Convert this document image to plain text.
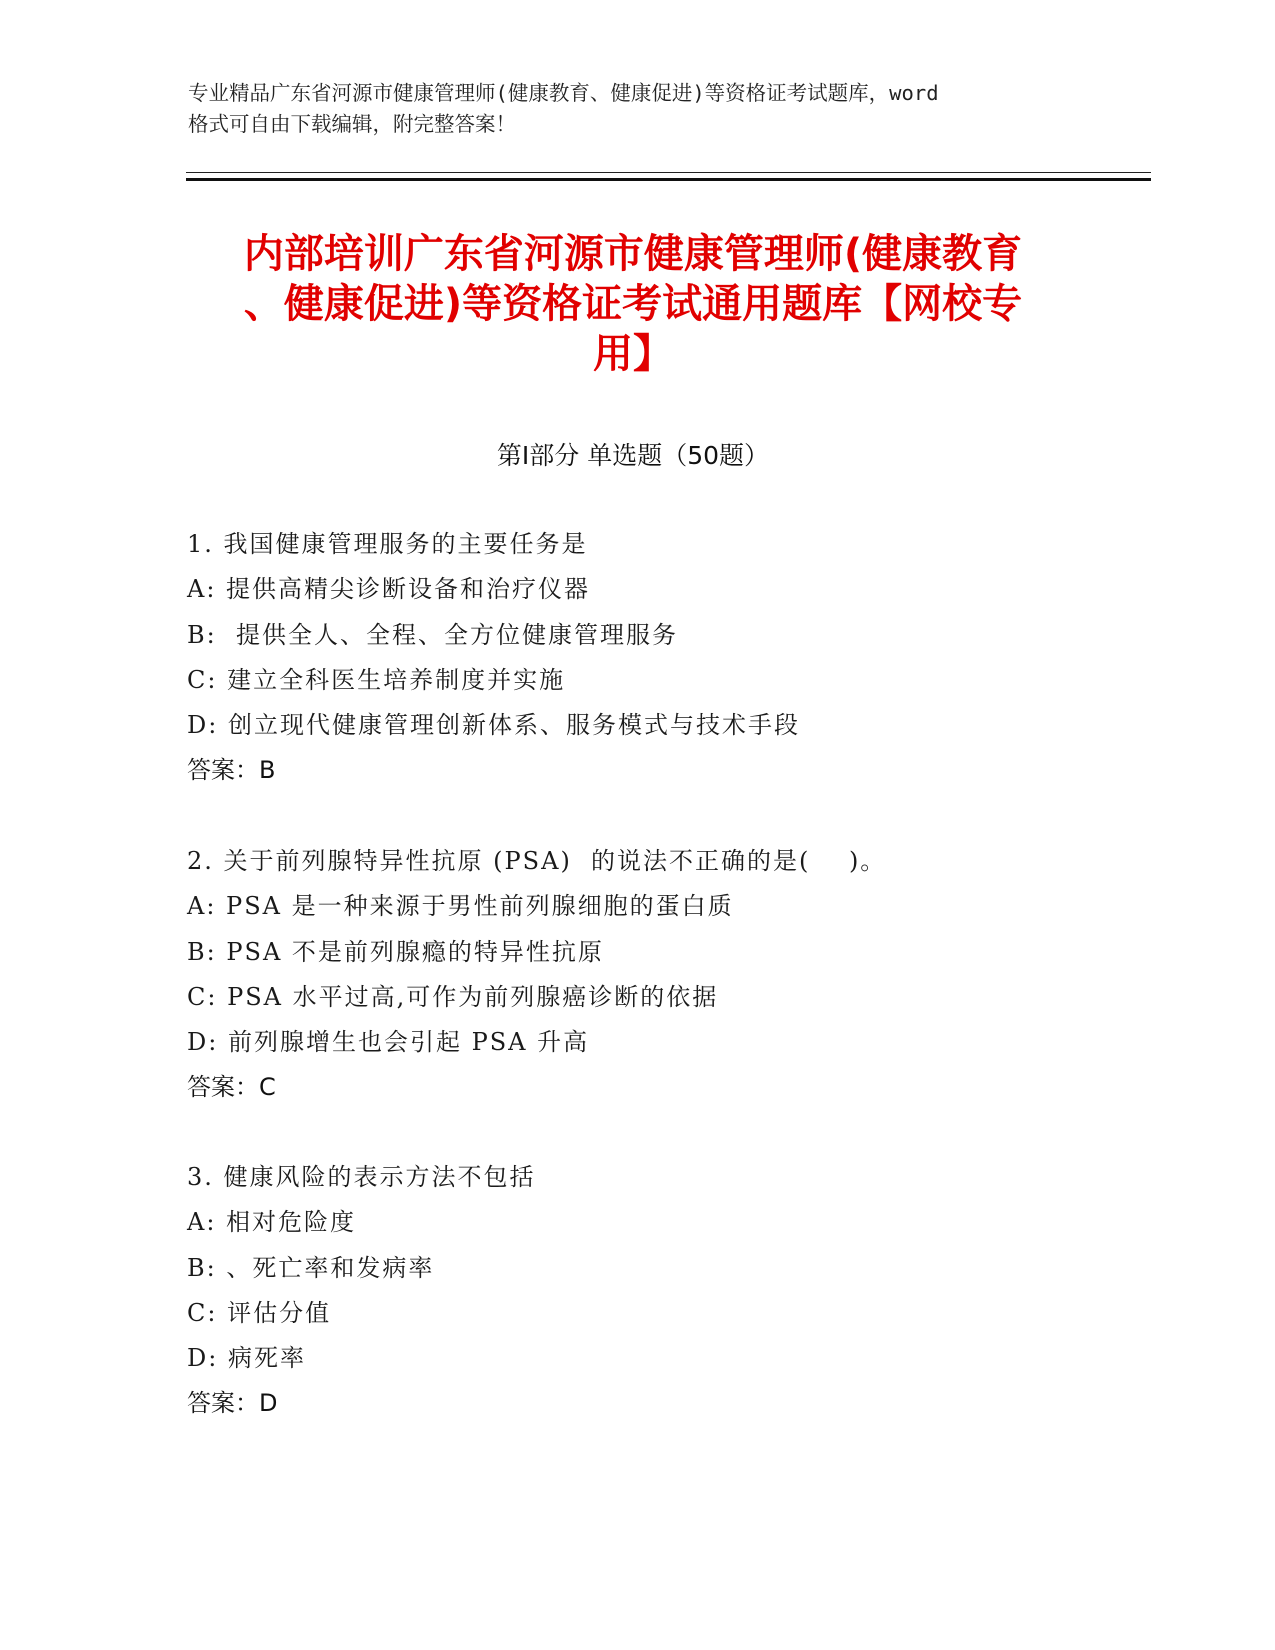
专业精品广东省河源市健康管理师(健康教育、健康促进)等资格证考试题库，word
格式可自由下载编辑，附完整答案！
内部培训广东省河源市健康管理师(健康教育
、健康促进)等资格证考试通用题库【网校专
用】
第Ⅰ部分 单选题（50题）
1. 我国健康管理服务的主要任务是
A: 提供高精尖诊断设备和治疗仪器
B:  提供全人、全程、全方位健康管理服务
C: 建立全科医生培养制度并实施
D: 创立现代健康管理创新体系、服务模式与技术手段
答案：B
2. 关于前列腺特异性抗原 (PSA)  的说法不正确的是(    )。
A: PSA 是一种来源于男性前列腺细胞的蛋白质
B: PSA 不是前列腺瘾的特异性抗原
C: PSA 水平过高,可作为前列腺癌诊断的依据
D: 前列腺增生也会引起 PSA 升高
答案：C
3. 健康风险的表示方法不包括
A: 相对危险度
B: 、死亡率和发病率
C: 评估分值
D: 病死率
答案：D
